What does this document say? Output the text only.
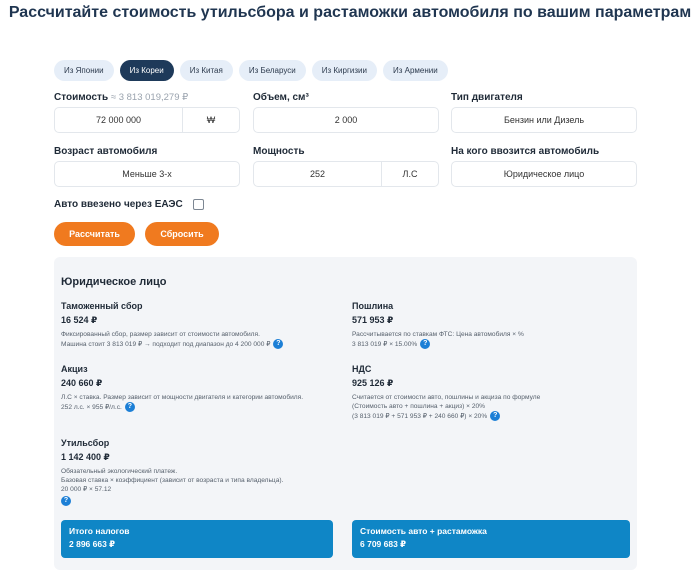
Рассчитайте стоимость утильсбора и растаможки автомобиля по вашим параметрам
Из Японии	Из Кореи	Из Китая	Из Беларуси	Из Киргизии	Из Армении
Стоимость ≈ 3 813 019,279 ₽
72 000 000	₩
Объем, см³
2 000
Тип двигателя
Бензин или Дизель
Возраст автомобиля
Меньше 3-х
Мощность
252	Л.С
На кого ввозится автомобиль
Юридическое лицо
Авто ввезено через ЕАЭС
Рассчитать	Сбросить
Юридическое лицо
Таможенный сбор
16 524 ₽
Фиксированный сбор, размер зависит от стоимости автомобиля.
Машина стоит 3 813 019 ₽ → подходит под диапазон до 4 200 000 ₽ ?
Пошлина
571 953 ₽
Рассчитывается по ставкам ФТС: Цена автомобиля × %
3 813 019 ₽ × 15.00% ?
Акциз
240 660 ₽
Л.С × ставка. Размер зависит от мощности двигателя и категории автомобиля.
252 л.с. × 955 ₽/л.с. ?
НДС
925 126 ₽
Считается от стоимости авто, пошлины и акциза по формуле
(Стоимость авто + пошлина + акциз) × 20%
(3 813 019 ₽ + 571 953 ₽ + 240 660 ₽) × 20% ?
Утильсбор
1 142 400 ₽
Обязательный экологический платеж.
Базовая ставка × коэффициент (зависит от возраста и типа владельца).
20 000 ₽ × 57.12
?
Итого налогов
2 896 663 ₽
Стоимость авто + растаможка
6 709 683 ₽
